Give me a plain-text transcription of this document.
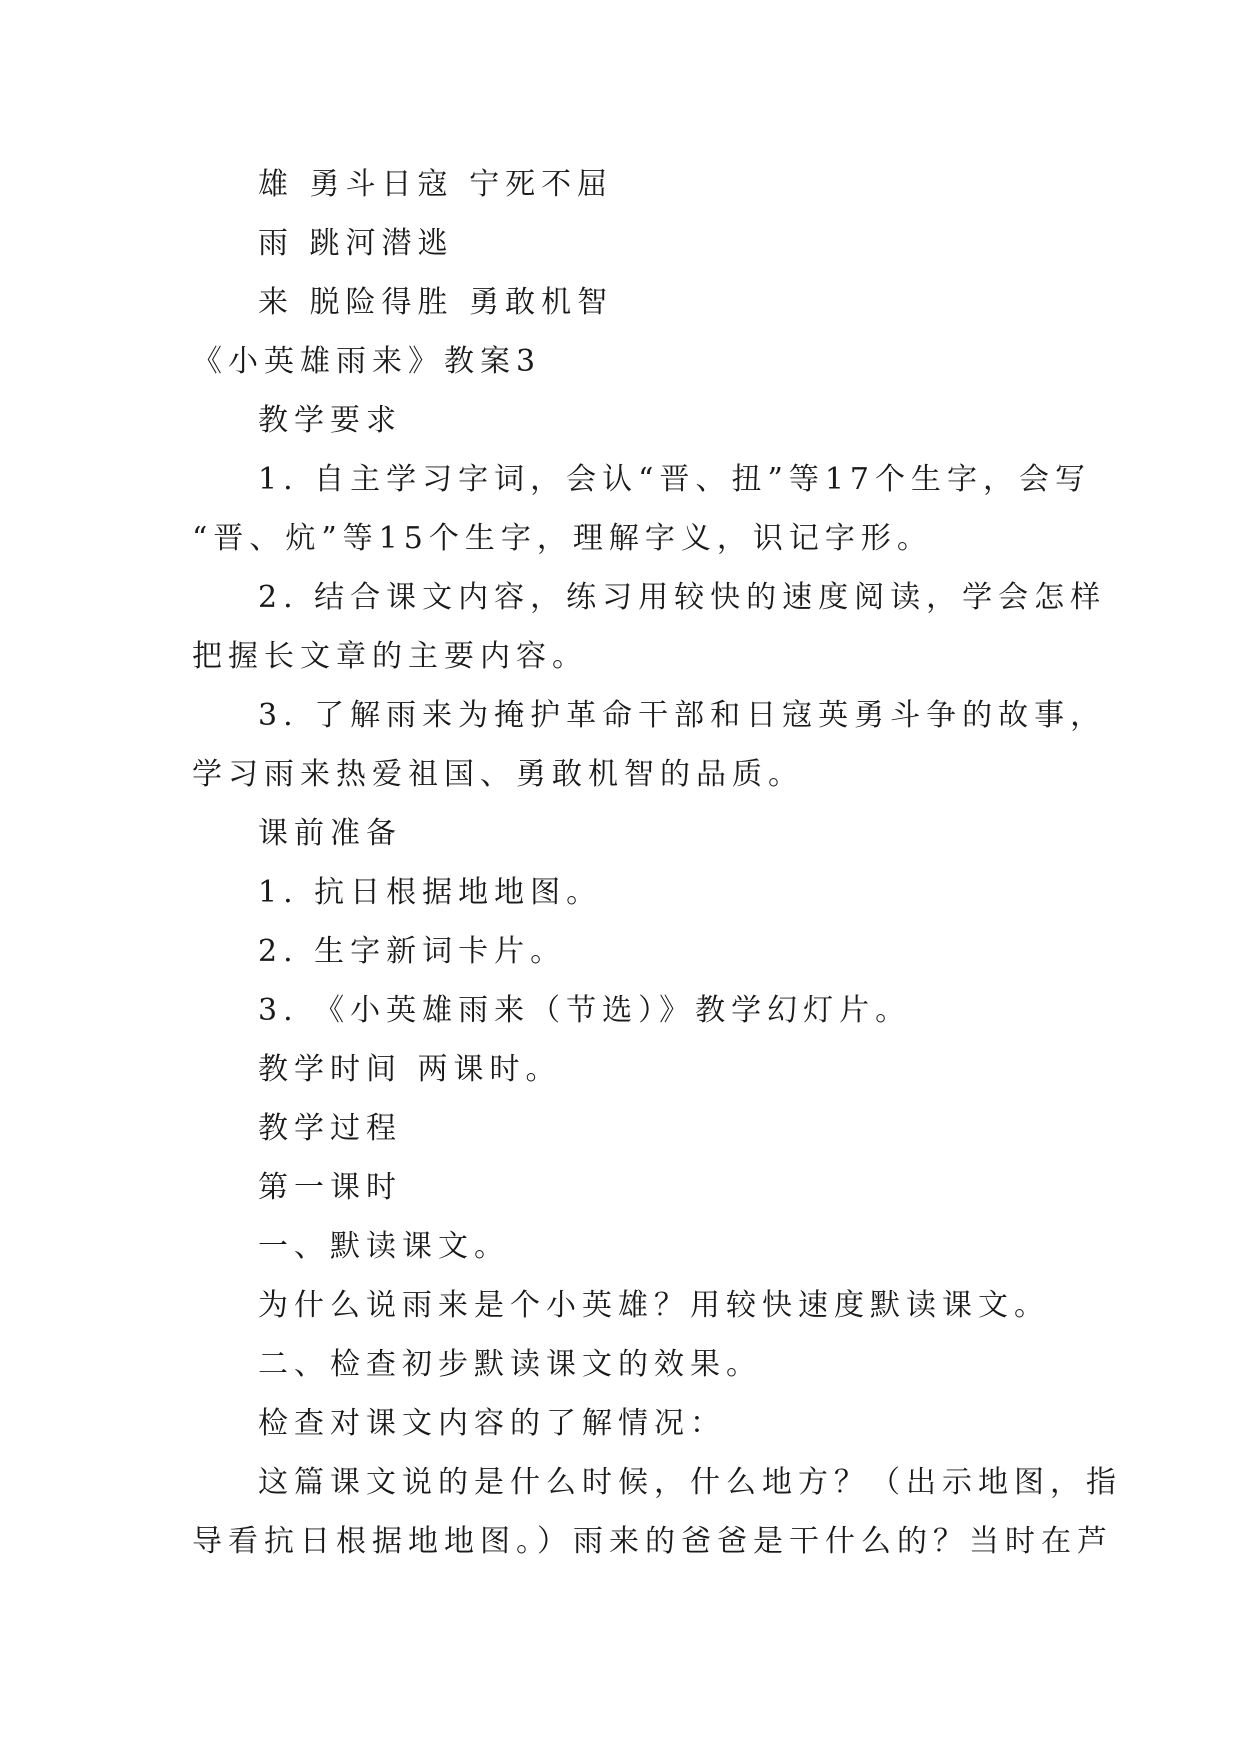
雄 勇斗日寇 宁死不屈

雨 跳河潜逃

来 脱险得胜 勇敢机智

《小英雄雨来》教案3

教学要求

1. 自主学习字词，会认“晋、扭”等17个生字，会写

“晋、炕”等15个生字，理解字义，识记字形。

2. 结合课文内容，练习用较快的速度阅读，学会怎样

把握长文章的主要内容。

3. 了解雨来为掩护革命干部和日寇英勇斗争的故事，

学习雨来热爱祖国、勇敢机智的品质。

课前准备

1. 抗日根据地地图。

2. 生字新词卡片。

3. 《小英雄雨来（节选）》教学幻灯片。

教学时间 两课时。

教学过程

第一课时

一、默读课文。

为什么说雨来是个小英雄？用较快速度默读课文。

二、检查初步默读课文的效果。

检查对课文内容的了解情况：

这篇课文说的是什么时候，什么地方？（出示地图，指

导看抗日根据地地图。）雨来的爸爸是干什么的？当时在芦
